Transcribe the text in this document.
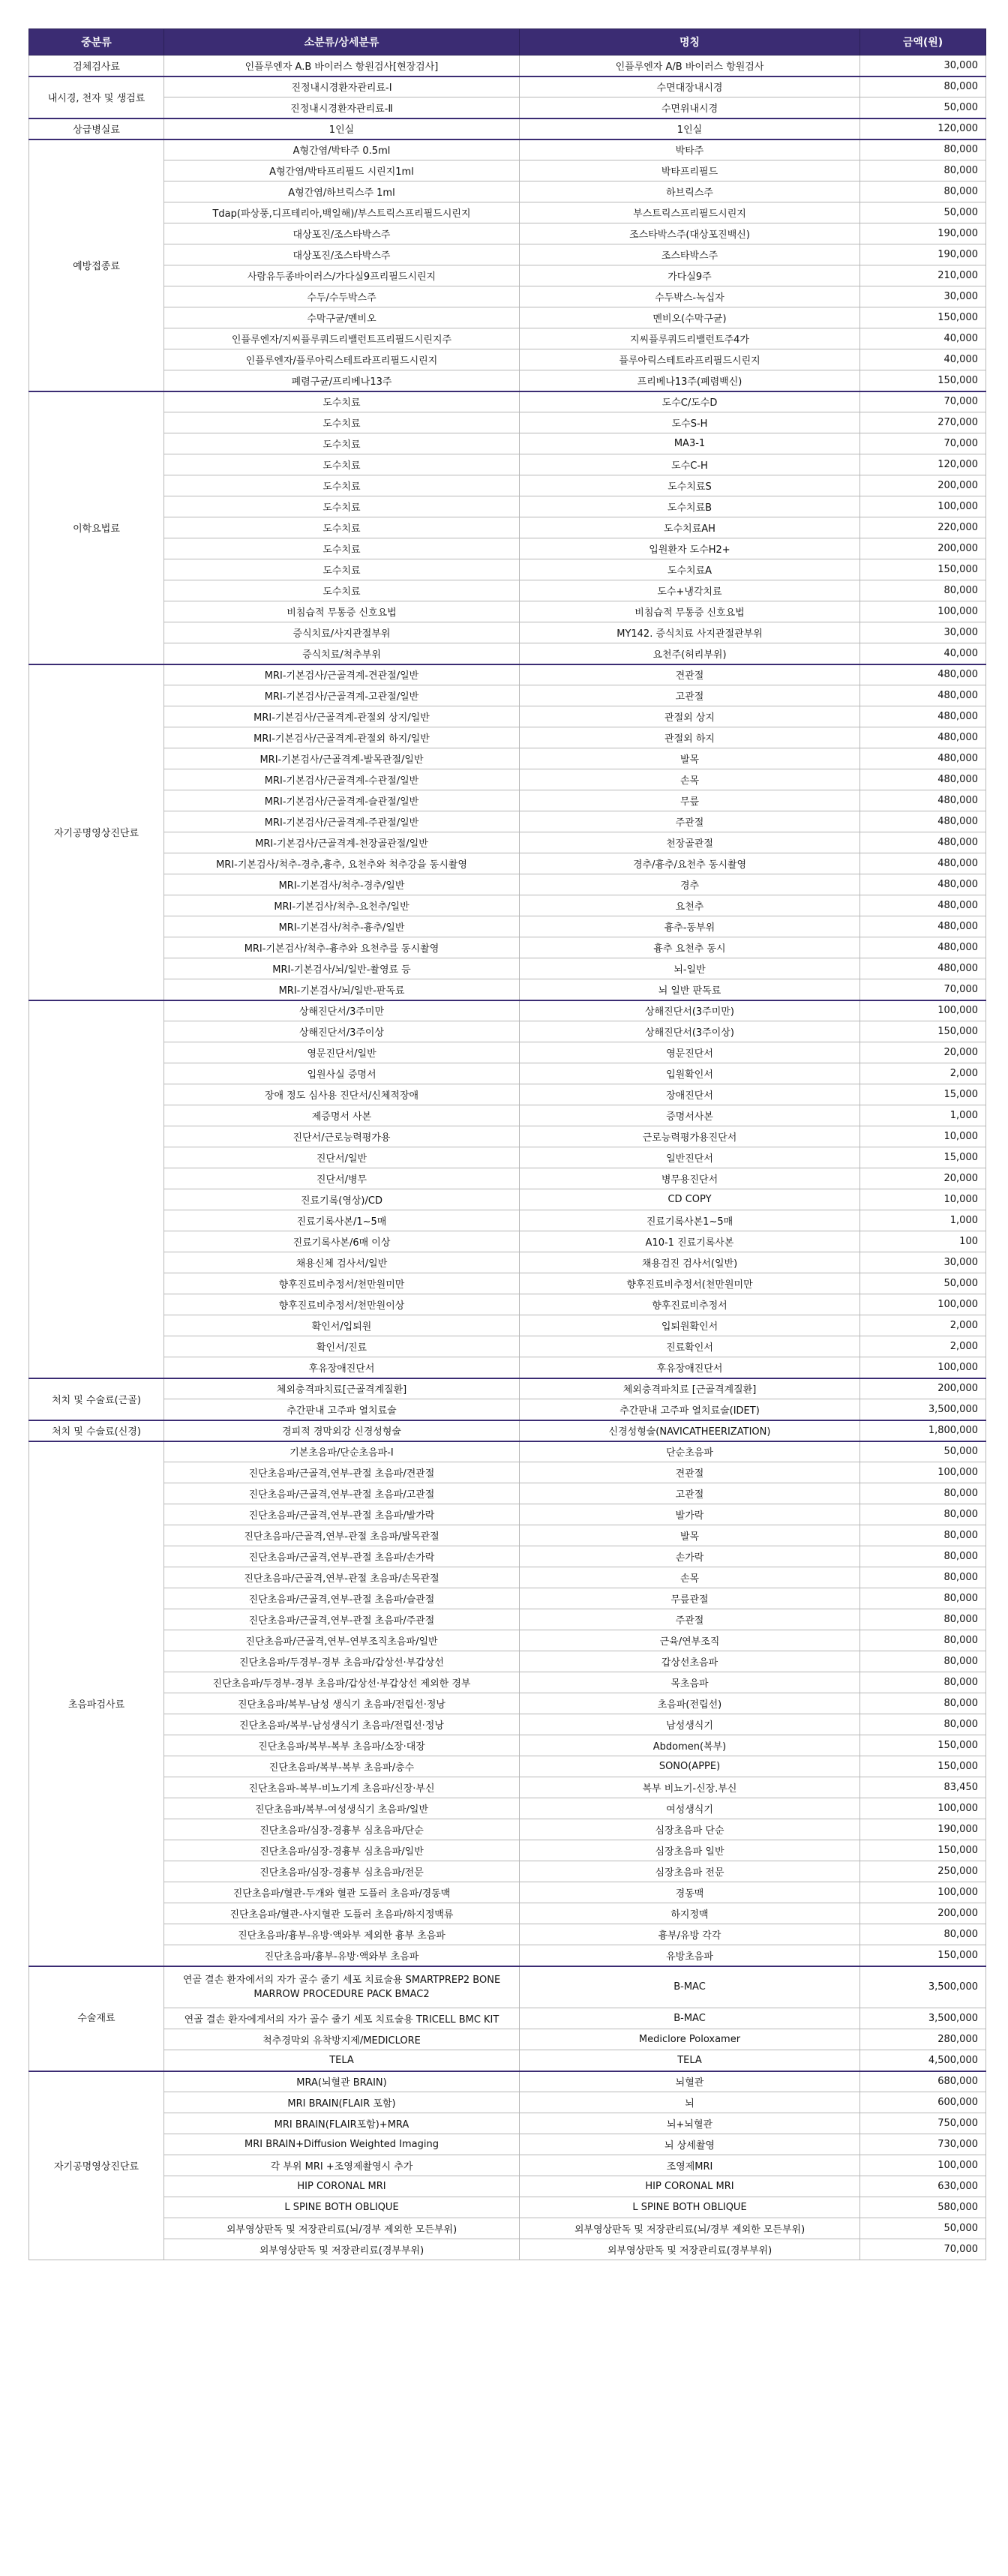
중분류	소분류/상세분류	명칭	금액(원)
검체검사료	인플루엔자 A.B 바이러스 항원검사[현장검사]	인플루엔자 A/B 바이러스 항원검사	30,000
내시경, 천자 및 생검료	진정내시경환자관리료-Ⅰ	수면대장내시경	80,000
	진정내시경환자관리료-Ⅱ	수면위내시경	50,000
상급병실료	1인실	1인실	120,000
예방접종료	A형간염/박타주 0.5ml	박타주	80,000
	A형간염/박타프리필드 시린지1ml	박타프리필드	80,000
	A형간염/하브릭스주 1ml	하브릭스주	80,000
	Tdap(파상풍,디프테리아,백일해)/부스트릭스프리필드시린지	부스트릭스프리필드시린지	50,000
	대상포진/조스타박스주	조스타박스주(대상포진백신)	190,000
	대상포진/조스타박스주	조스타박스주	190,000
	사람유두종바이러스/가다실9프리필드시린지	가다실9주	210,000
	수두/수두박스주	수두박스-녹십자	30,000
	수막구균/멘비오	멘비오(수막구균)	150,000
	인플루엔자/지씨플루쿼드리밸런트프리필드시린지주	지씨플루쿼드리밸런트주4가	40,000
	인플루엔자/플루아릭스테트라프리필드시린지	플루아릭스테트라프리필드시린지	40,000
	폐렴구균/프리베나13주	프리베나13주(폐렴백신)	150,000
이학요법료	도수치료	도수C/도수D	70,000
	도수치료	도수S-H	270,000
	도수치료	MA3-1	70,000
	도수치료	도수C-H	120,000
	도수치료	도수치료S	200,000
	도수치료	도수치료B	100,000
	도수치료	도수치료AH	220,000
	도수치료	입원환자 도수H2+	200,000
	도수치료	도수치료A	150,000
	도수치료	도수+냉각치료	80,000
	비침습적 무통증 신호요법	비침습적 무통증 신호요법	100,000
	증식치료/사지관절부위	MY142. 증식치료 사지관절관부위	30,000
	증식치료/척추부위	요천주(허리부위)	40,000
자기공명영상진단료	MRI-기본검사/근골격계-견관절/일반	견관절	480,000
	MRI-기본검사/근골격계-고관절/일반	고관절	480,000
	MRI-기본검사/근골격계-관절외 상지/일반	관절외 상지	480,000
	MRI-기본검사/근골격계-관절외 하지/일반	관절외 하지	480,000
	MRI-기본검사/근골격계-발목관절/일반	발목	480,000
	MRI-기본검사/근골격계-수관절/일반	손목	480,000
	MRI-기본검사/근골격계-슬관절/일반	무릎	480,000
	MRI-기본검사/근골격계-주관절/일반	주관절	480,000
	MRI-기본검사/근골격계-천장골관절/일반	천장골관절	480,000
	MRI-기본검사/척추-경추,흉추, 요천추와 척추강을 동시촬영	경추/흉추/요천추 동시촬영	480,000
	MRI-기본검사/척추-경추/일반	경추	480,000
	MRI-기본검사/척추-요천추/일반	요천추	480,000
	MRI-기본검사/척추-흉추/일반	흉추-동부위	480,000
	MRI-기본검사/척추-흉추와 요천추를 동시촬영	흉추 요천추 동시	480,000
	MRI-기본검사/뇌/일반-촬영료 등	뇌-일반	480,000
	MRI-기본검사/뇌/일반-판독료	뇌 일반 판독료	70,000
	상해진단서/3주미만	상해진단서(3주미만)	100,000
	상해진단서/3주이상	상해진단서(3주이상)	150,000
	영문진단서/일반	영문진단서	20,000
	입원사실 증명서	입원확인서	2,000
	장애 정도 심사용 진단서/신체적장애	장애진단서	15,000
	제증명서 사본	증명서사본	1,000
	진단서/근로능력평가용	근로능력평가용진단서	10,000
	진단서/일반	일반진단서	15,000
	진단서/병무	병무용진단서	20,000
	진료기록(영상)/CD	CD COPY	10,000
	진료기록사본/1~5매	진료기록사본1~5매	1,000
	진료기록사본/6매 이상	A10-1 진료기록사본	100
	채용신체 검사서/일반	채용검진 검사서(일반)	30,000
	향후진료비추정서/천만원미만	향후진료비추정서(천만원미만	50,000
	향후진료비추정서/천만원이상	향후진료비추정서	100,000
	확인서/입퇴원	입퇴원확인서	2,000
	확인서/진료	진료확인서	2,000
	후유장애진단서	후유장애진단서	100,000
처치 및 수술료(근골)	체외충격파치료[근골격계질환]	체외충격파치료 [근골격계질환]	200,000
	추간판내 고주파 열치료술	추간판내 고주파 열치료술(IDET)	3,500,000
처치 및 수술료(신경)	경피적 경막외강 신경성형술	신경성형술(NAVICATHEERIZATION)	1,800,000
초음파검사료	기본초음파/단순초음파-Ⅰ	단순초음파	50,000
	진단초음파/근골격,연부-관절 초음파/견관절	견관절	100,000
	진단초음파/근골격,연부-관절 초음파/고관절	고관절	80,000
	진단초음파/근골격,연부-관절 초음파/발가락	발가락	80,000
	진단초음파/근골격,연부-관절 초음파/발목관절	발목	80,000
	진단초음파/근골격,연부-관절 초음파/손가락	손가락	80,000
	진단초음파/근골격,연부-관절 초음파/손목관절	손목	80,000
	진단초음파/근골격,연부-관절 초음파/슬관절	무릎관절	80,000
	진단초음파/근골격,연부-관절 초음파/주관절	주관절	80,000
	진단초음파/근골격,연부-연부조직초음파/일반	근육/연부조직	80,000
	진단초음파/두경부-경부 초음파/갑상선·부갑상선	갑상선초음파	80,000
	진단초음파/두경부-경부 초음파/갑상선·부갑상선 제외한 경부	목초음파	80,000
	진단초음파/복부-남성 생식기 초음파/전립선·정낭	초음파(전립선)	80,000
	진단초음파/복부-남성생식기 초음파/전립선·정낭	남성생식기	80,000
	진단초음파/복부-복부 초음파/소장·대장	Abdomen(복부)	150,000
	진단초음파/복부-복부 초음파/충수	SONO(APPE)	150,000
	진단초음파-복부-비뇨기계 초음파/신장·부신	복부 비뇨기-신장.부신	83,450
	진단초음파/복부-여성생식기 초음파/일반	여성생식기	100,000
	진단초음파/심장-경흉부 심초음파/단순	심장초음파 단순	190,000
	진단초음파/심장-경흉부 심초음파/일반	심장초음파 일반	150,000
	진단초음파/심장-경흉부 심초음파/전문	심장초음파 전문	250,000
	진단초음파/혈관-두개와 혈관 도플러 초음파/경동맥	경동맥	100,000
	진단초음파/혈관-사지혈관 도플러 초음파/하지정맥류	하지정맥	200,000
	진단초음파/흉부-유방·액와부 제외한 흉부 초음파	흉부/유방 각각	80,000
	진단초음파/흉부-유방·액와부 초음파	유방초음파	150,000
수술재료	연골 결손 환자에서의 자가 골수 줄기 세포 치료술용 SMARTPREP2 BONE MARROW PROCEDURE PACK BMAC2	B-MAC	3,500,000
	연골 결손 환자에게서의 자가 골수 줄기 세포 치료술용 TRICELL BMC KIT	B-MAC	3,500,000
	척추경막외 유착방지제/MEDICLORE	Mediclore Poloxamer	280,000
	TELA	TELA	4,500,000
자기공명영상진단료	MRA(뇌혈관 BRAIN)	뇌혈관	680,000
	MRI BRAIN(FLAIR 포함)	뇌	600,000
	MRI BRAIN(FLAIR포함)+MRA	뇌+뇌혈관	750,000
	MRI BRAIN+Diffusion Weighted Imaging	뇌 상세촬영	730,000
	각 부위 MRI +조영제촬영시 추가	조영제MRI	100,000
	HIP CORONAL MRI	HIP CORONAL MRI	630,000
	L SPINE BOTH OBLIQUE	L SPINE BOTH OBLIQUE	580,000
	외부영상판독 및 저장관리료(뇌/경부 제외한 모든부위)	외부영상판독 및 저장관리료(뇌/경부 제외한 모든부위)	50,000
	외부영상판독 및 저장관리료(경부부위)	외부영상판독 및 저장관리료(경부부위)	70,000
